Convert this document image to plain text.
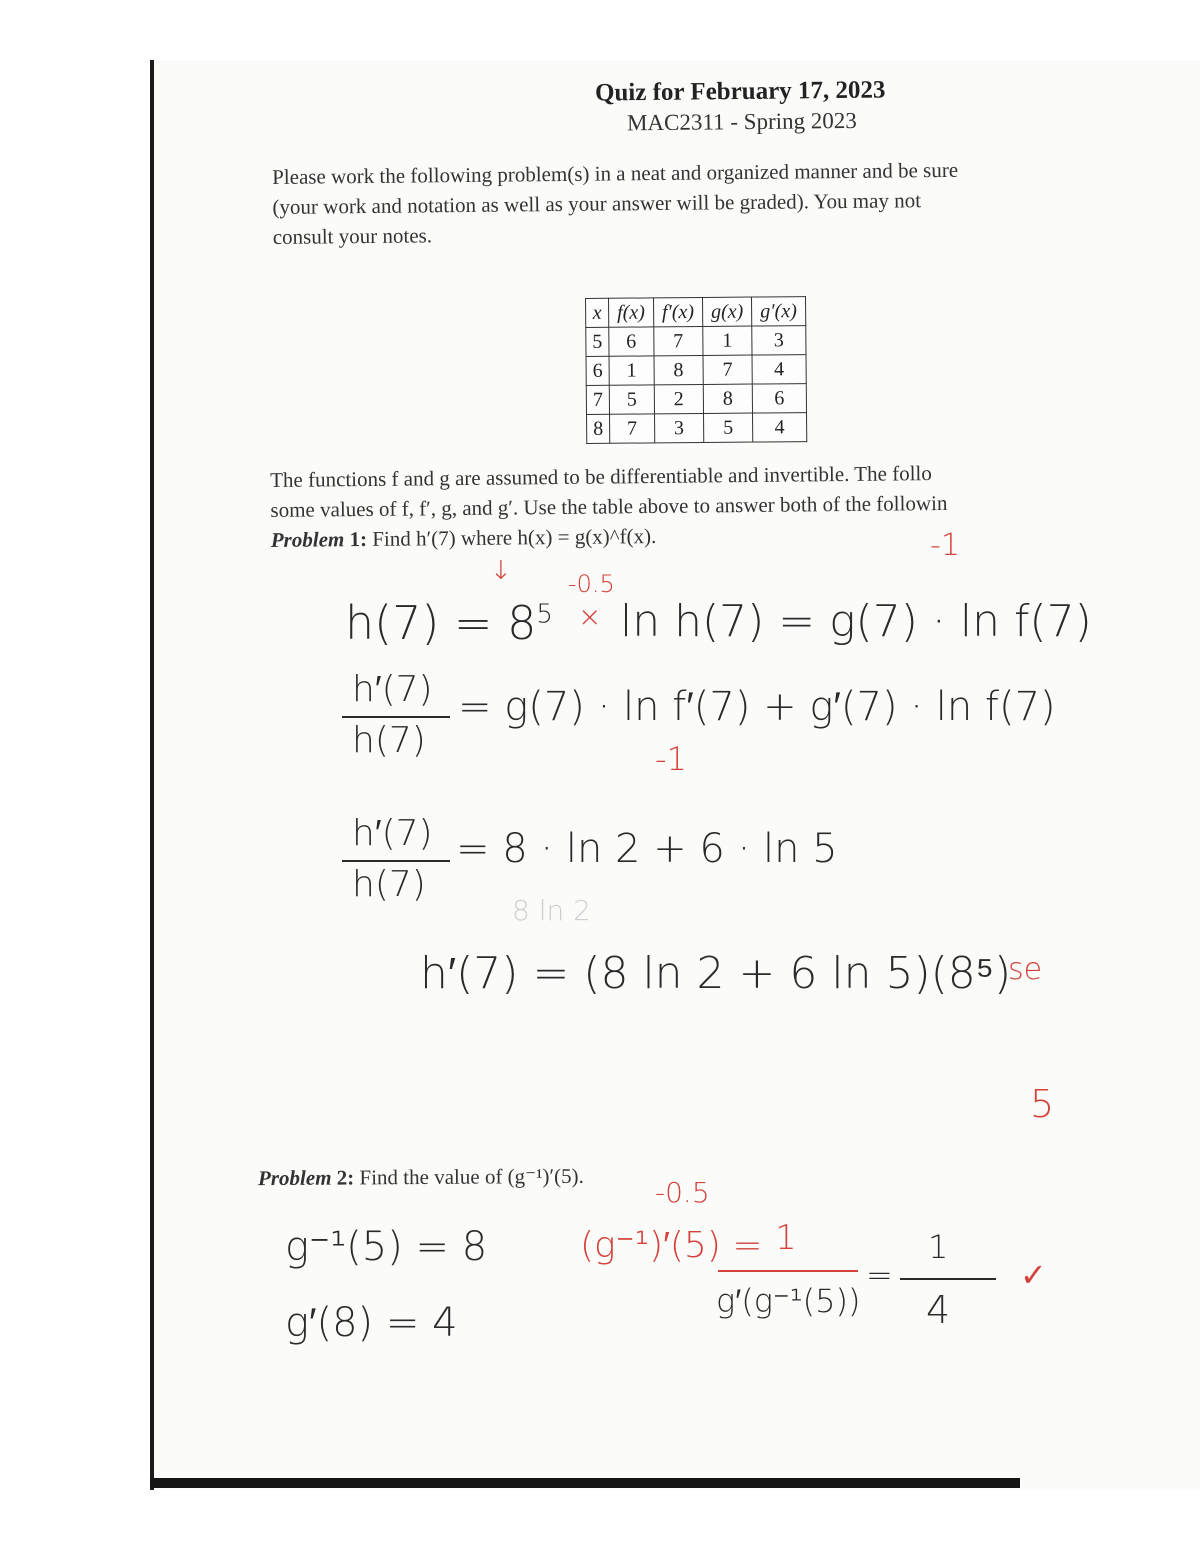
Quiz for February 17, 2023
MAC2311 - Spring 2023
Please work the following problem(s) in a neat and organized manner and be sure
(your work and notation as well as your answer will be graded). You may not
consult your notes.
x	f(x)	f′(x)	g(x)	g′(x)
5	6	7	1	3
6	1	8	7	4
7	5	2	8	6
8	7	3	5	4
The functions f and g are assumed to be differentiable and invertible. The follo
some values of f, f′, g, and g′. Use the table above to answer both of the followin
Problem 1: Find h′(7) where h(x) = g(x)^f(x).
↓
-1
$h(7) = 8^5$
-0.5
× ln h(7) = g(7) · ln f(7)
h′(7)
h(7)
= g(7) · ln f′(7) + g′(7) · ln f(7)
-1
h′(7)
h(7)
= 8 · ln 2 + 6 · ln 5
8 ln 2
h′(7) = (8 ln 2 + 6 ln 5)(8⁵)
se
5
Problem 2: Find the value of (g⁻¹)′(5).	-0.5
g⁻¹(5) = 8
g′(8) = 4
(g⁻¹)′(5) = 1
g′(g⁻¹(5))
=
1
4
✓
